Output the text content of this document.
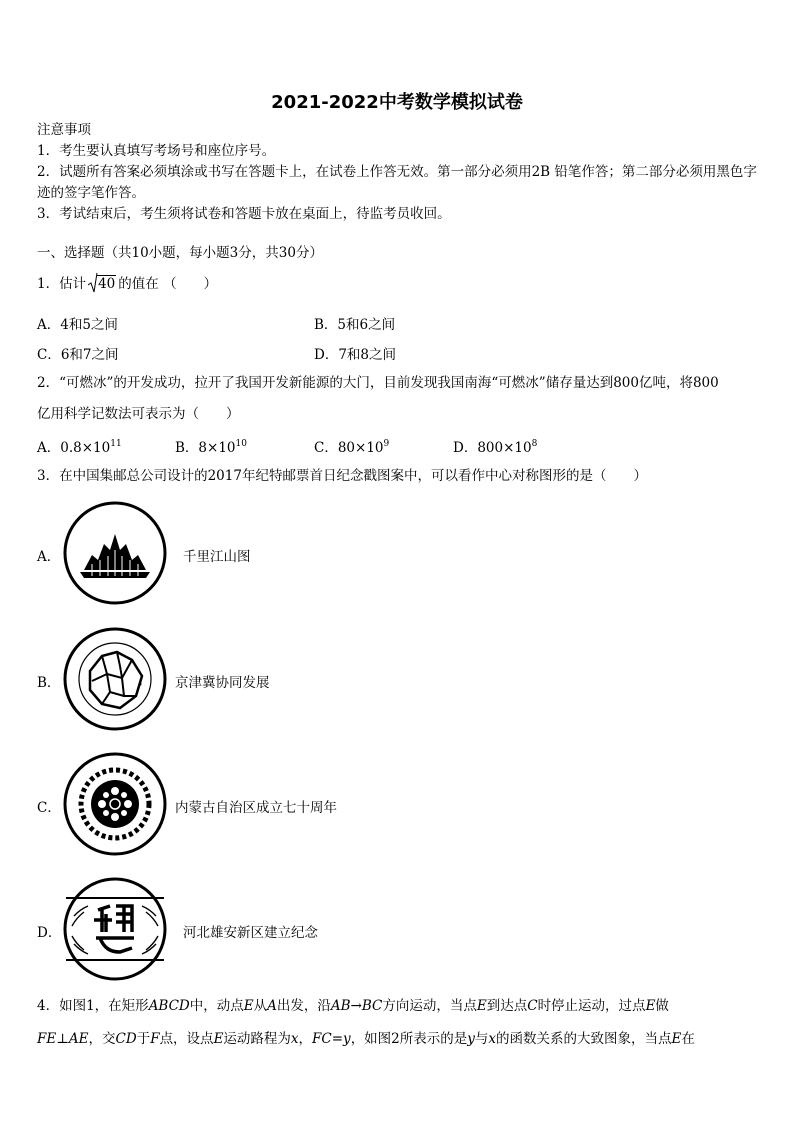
2021-2022中考数学模拟试卷
注意事项
1．考生要认真填写考场号和座位序号。
2．试题所有答案必须填涂或书写在答题卡上，在试卷上作答无效。第一部分必须用2B 铅笔作答；第二部分必须用黑色字迹的签字笔作答。
3．考试结束后，考生须将试卷和答题卡放在桌面上，待监考员收回。
一、选择题（共10小题，每小题3分，共30分）
1．估计 40 的值在 （　　）
A．4和5之间	B．5和6之间
C．6和7之间	D．7和8之间
2．“可燃冰”的开发成功，拉开了我国开发新能源的大门，目前发现我国南海“可燃冰”储存量达到800亿吨，将800
亿用科学记数法可表示为（　　）
A．$0.8\times 10^{11}$	B．$8\times 10^{10}$	C．$80\times 10^9$	D．$800\times 10^8$
3．在中国集邮总公司设计的2017年纪特邮票首日纪念戳图案中，可以看作中心对称图形的是（　　）
A．	千里江山图
B．	京津冀协同发展
C．	内蒙古自治区成立七十周年
D．	河北雄安新区建立纪念
4．如图1，在矩形ABCD中，动点E从A出发，沿AB→BC方向运动，当点E到达点C时停止运动，过点E做
FE⊥AE，交CD于F点，设点E运动路程为x，FC=y，如图2所表示的是y与x的函数关系的大致图象，当点E在
